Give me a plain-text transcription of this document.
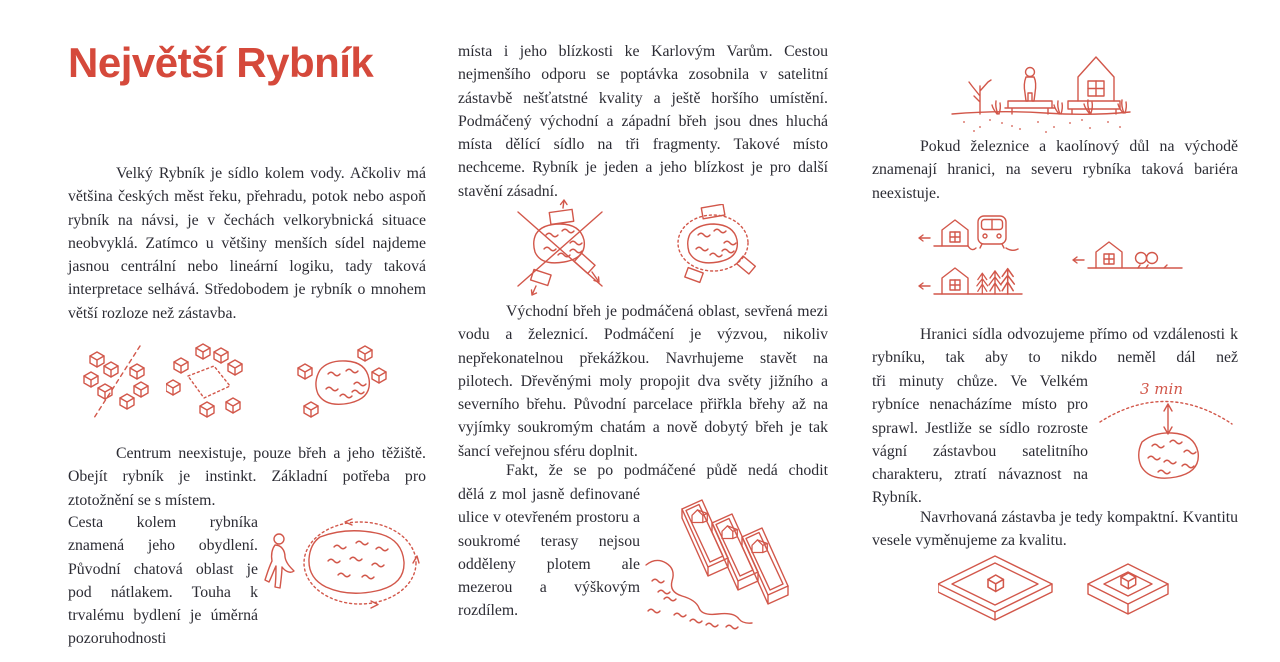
Největší Rybník

Velký Rybník je sídlo kolem vody. Ačkoliv má většina českých měst řeku, přehradu, potok nebo aspoň rybník na návsi, je v čechách velkorybnická situace neobvyklá. Zatímco u většiny menších sídel najdeme jasnou centrální nebo lineární logiku, tady taková interpretace selhává. Středobodem je rybník o mnohem větší rozloze než zástavba.

Centrum neexistuje, pouze břeh a jeho těžiště. Obejít rybník je instinkt. Základní potřeba pro ztotožnění se s místem.

Cesta kolem rybníka znamená jeho obydlení. Původní chatová oblast je pod nátlakem. Touha k trvalému bydlení je úměrná pozoruhodnosti

místa i jeho blízkosti ke Karlovým Varům. Cestou nejmenšího odporu se poptávka zosobnila v satelitní zástavbě nešťatstné kvality a ještě horšího umístění. Podmáčený východní a západní břeh jsou dnes hluchá místa dělící sídlo na tři fragmenty. Takové místo nechceme. Rybník je jeden a jeho blízkost je pro další stavění zásadní.

Východní břeh je podmáčená oblast, sevřená mezi vodu a železnicí. Podmáčení je výzvou, nikoliv nepřekonatelnou překážkou. Navrhujeme stavět na pilotech. Dřevěnými moly propojit dva světy jižního a severního břehu. Původní parcelace přiřkla břehy až na vyjímky soukromým chatám a nově dobytý břeh je tak šancí veřejnou sféru doplnit.

Fakt, že se po podmáčené půdě nedá chodit

dělá z mol jasně definované ulice v otevřeném prostoru a soukromé terasy nejsou odděleny plotem ale mezerou a výškovým rozdílem.

Pokud železnice a kaolínový důl na východě znamenají hranici, na severu rybníka taková bariéra neexistuje.

Hranici sídla odvozujeme přímo od vzdálenosti k rybníku, tak aby to nikdo neměl dál než

tři minuty chůze. Ve Velkém rybníce nenacházíme místo pro sprawl. Jestliže se sídlo rozroste vágní zástavbou satelitního charakteru, ztratí návaznost na Rybník.

3 min

Navrhovaná zástavba je tedy kompaktní. Kvantitu vesele vyměnujeme za kvalitu.
